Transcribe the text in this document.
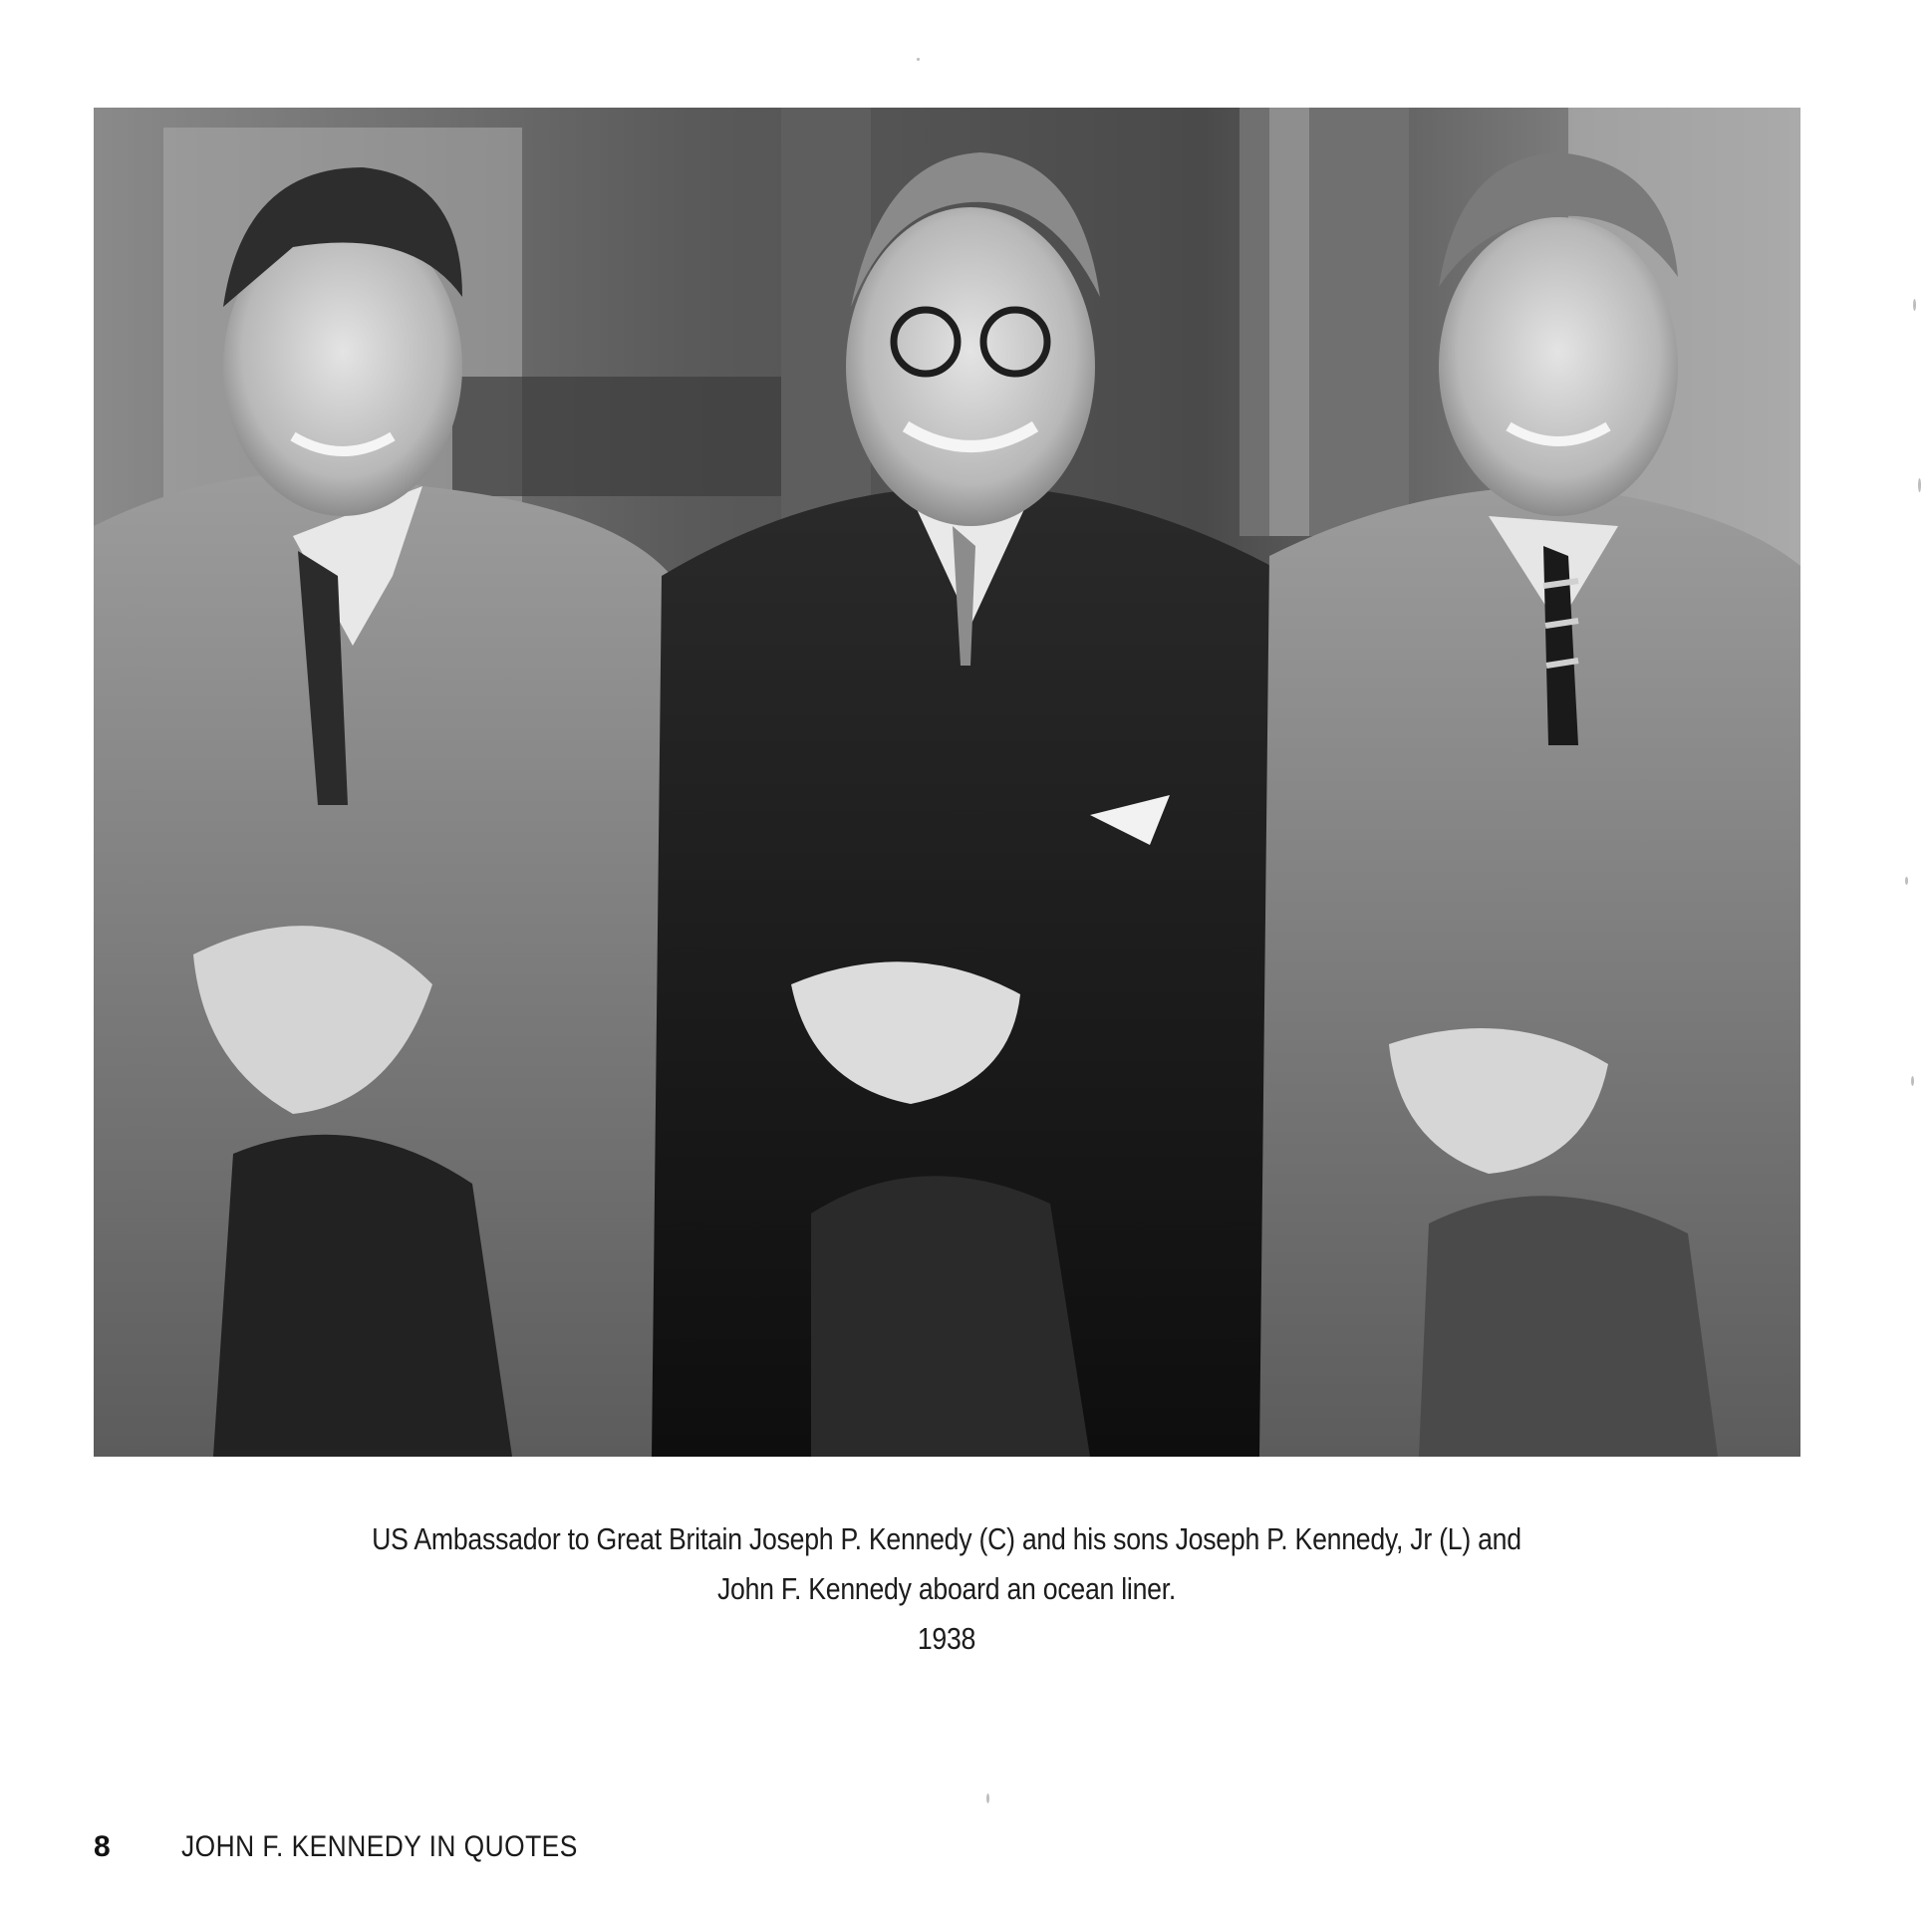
US Ambassador to Great Britain Joseph P. Kennedy (C) and his sons Joseph P. Kennedy, Jr (L) and
John F. Kennedy aboard an ocean liner.
1938
8	JOHN F. KENNEDY IN QUOTES
